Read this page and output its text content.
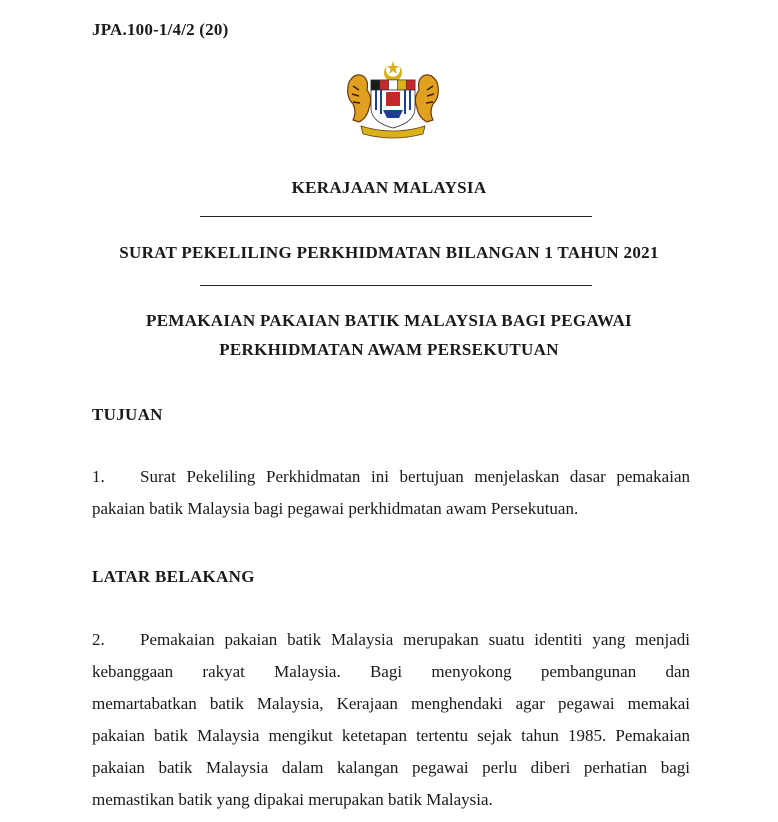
JPA.100-1/4/2 (20)
KERAJAAN MALAYSIA
SURAT PEKELILING PERKHIDMATAN BILANGAN 1 TAHUN 2021
PEMAKAIAN PAKAIAN BATIK MALAYSIA BAGI PEGAWAI
PERKHIDMATAN AWAM PERSEKUTUAN
TUJUAN
1. Surat Pekeliling Perkhidmatan ini bertujuan menjelaskan dasar pemakaian
pakaian batik Malaysia bagi pegawai perkhidmatan awam Persekutuan.
LATAR BELAKANG
2. Pemakaian pakaian batik Malaysia merupakan suatu identiti yang menjadi
kebanggaan rakyat Malaysia. Bagi menyokong pembangunan dan
memartabatkan batik Malaysia, Kerajaan menghendaki agar pegawai memakai
pakaian batik Malaysia mengikut ketetapan tertentu sejak tahun 1985. Pemakaian
pakaian batik Malaysia dalam kalangan pegawai perlu diberi perhatian bagi
memastikan batik yang dipakai merupakan batik Malaysia.
